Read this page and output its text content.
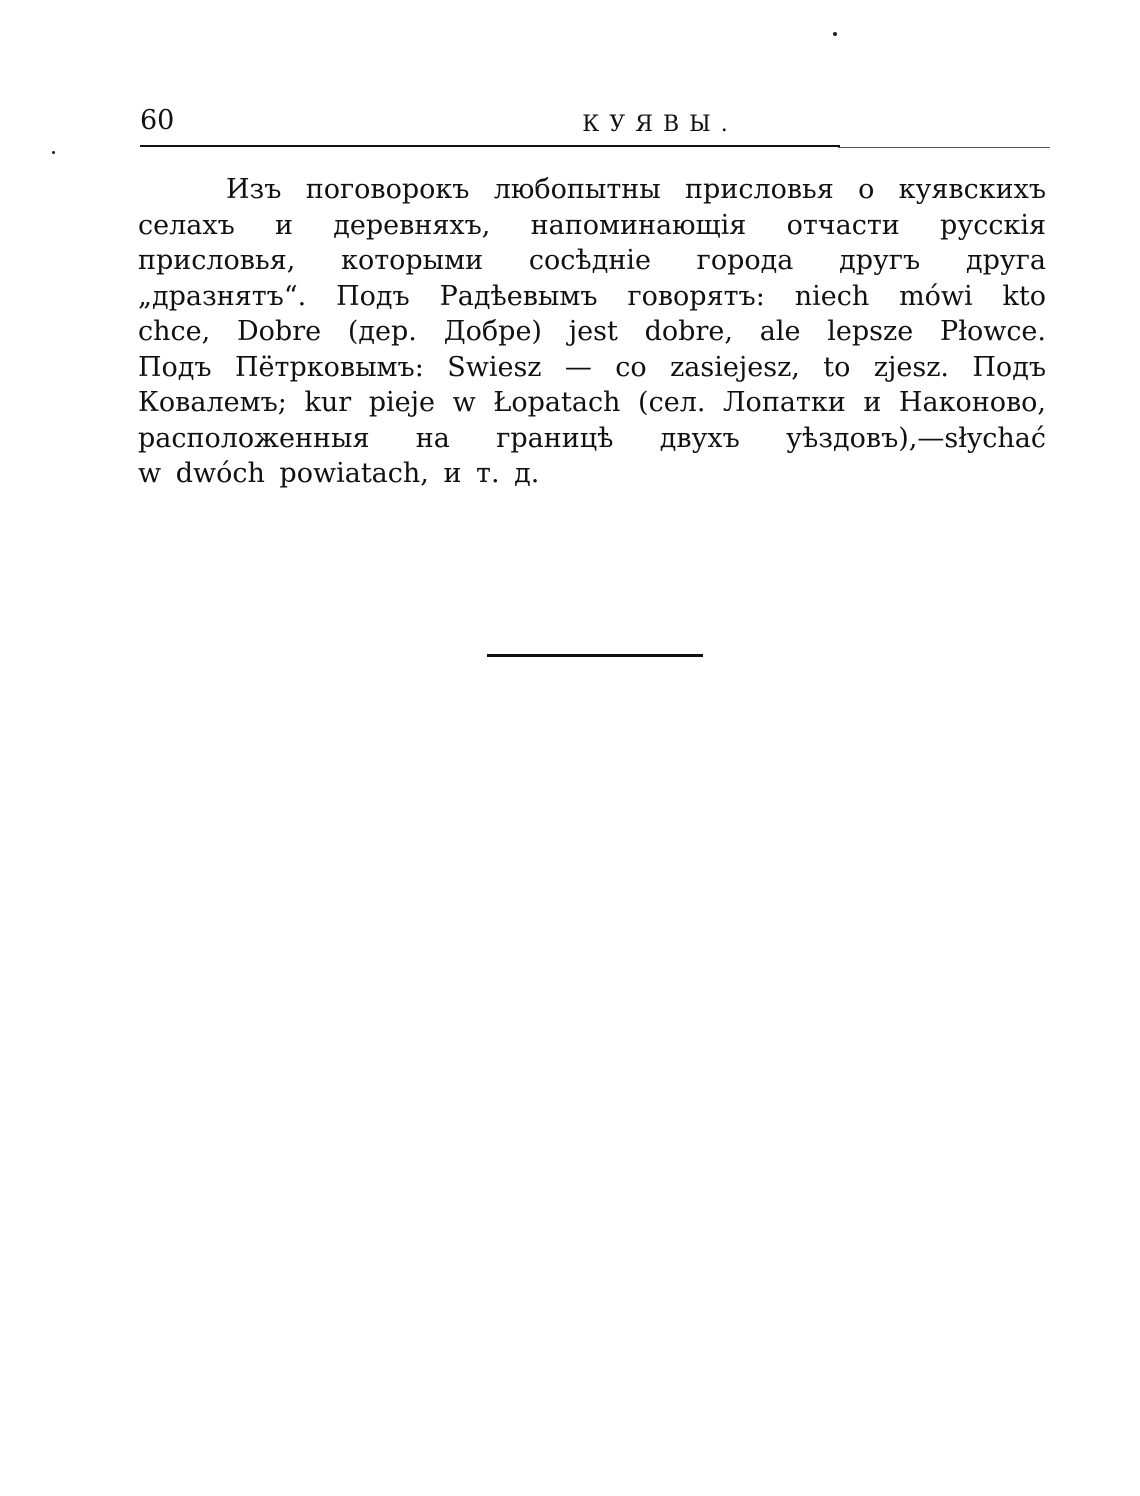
60	КУЯВЫ.
Изъ поговорокъ любопытны присловья о куявскихъ
селахъ и деревняхъ, напоминающія отчасти русскія
присловья, которыми сосѣдніе города другъ друга
„дразнятъ“. Подъ Радѣевымъ говорятъ: niech mówi kto
chce, Dobre (дер. Добре) jest dobre, ale lepsze Płowce.
Подъ Пётрковымъ: Swiesz — co zasiejesz, to zjesz. Подъ
Ковалемъ; kur pieje w Łopatach (сел. Лопатки и Наконово,
расположенныя на границѣ двухъ уѣздовъ),—słychać
w dwóch powiatach, и т. д.
